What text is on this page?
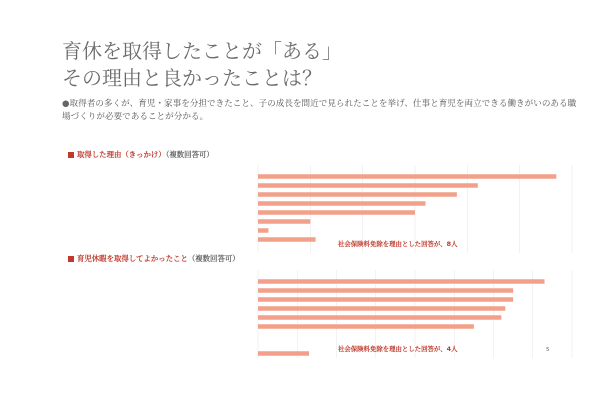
育休を取得したことが「ある」
その理由と良かったことは？
●取得者の多くが、育児・家事を分担できたこと、子の成長を間近で見られたことを挙げ、仕事と育児を両立できる働きがいのある職場づくりが必要であることが分かる。
取得した理由（きっかけ）（複数回答可）
社会保険料免除を理由とした回答が、8人
育児休暇を取得してよかったこと（複数回答可）
社会保険料免除を理由とした回答が、4人	5
